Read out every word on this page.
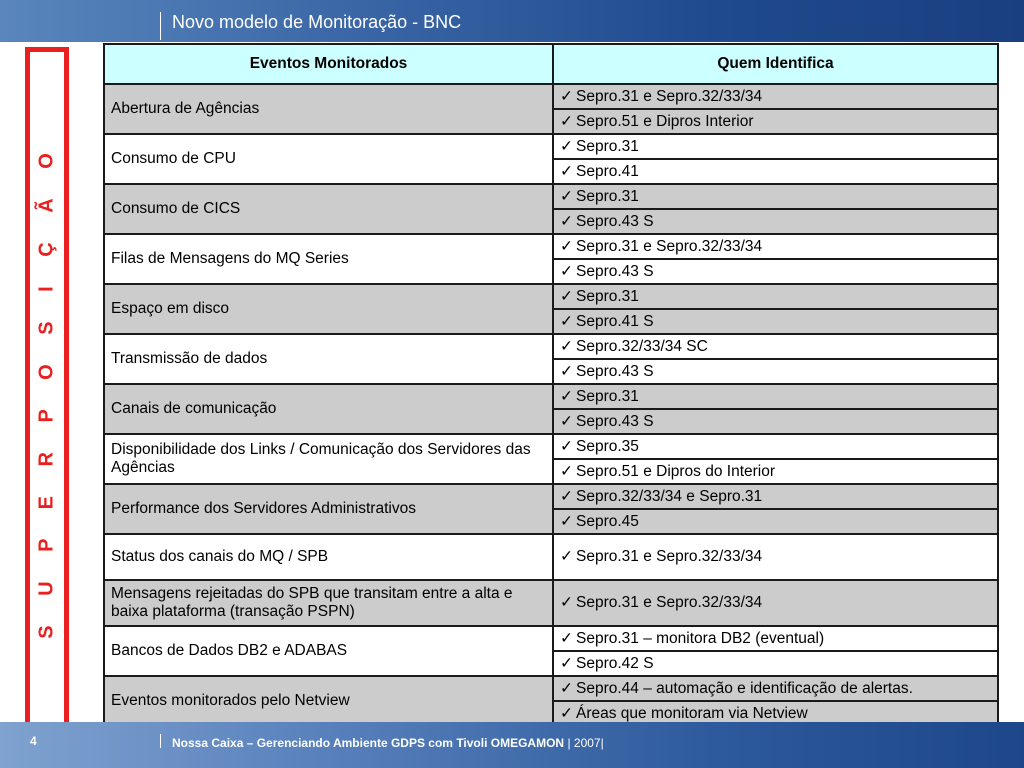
Novo modelo de Monitoração - BNC
S U P E R P O S I Ç Ã O
Eventos Monitorados	Quem Identifica
Abertura de Agências	✓ Sepro.31 e Sepro.32/33/34
	✓ Sepro.51 e Dipros Interior
Consumo de CPU	✓ Sepro.31
	✓ Sepro.41
Consumo de CICS	✓ Sepro.31
	✓ Sepro.43 S
Filas de Mensagens do MQ Series	✓ Sepro.31 e Sepro.32/33/34
	✓ Sepro.43 S
Espaço em disco	✓ Sepro.31
	✓ Sepro.41 S
Transmissão de dados	✓ Sepro.32/33/34 SC
	✓ Sepro.43 S
Canais de comunicação	✓ Sepro.31
	✓ Sepro.43 S
Disponibilidade dos Links / Comunicação dos Servidores das Agências	✓ Sepro.35
	✓ Sepro.51 e Dipros do Interior
Performance dos Servidores Administrativos	✓ Sepro.32/33/34 e Sepro.31
	✓ Sepro.45
Status dos canais do MQ / SPB	✓ Sepro.31 e Sepro.32/33/34
Mensagens rejeitadas do SPB que transitam entre a alta e baixa plataforma (transação PSPN)	✓ Sepro.31 e Sepro.32/33/34
Bancos de Dados DB2 e ADABAS	✓ Sepro.31 – monitora DB2 (eventual)
	✓ Sepro.42 S
Eventos monitorados pelo Netview	✓ Sepro.44 – automação e identificação de alertas.
	✓ Áreas que monitoram via Netview
4	Nossa Caixa – Gerenciando Ambiente GDPS com Tivoli OMEGAMON | 2007|
